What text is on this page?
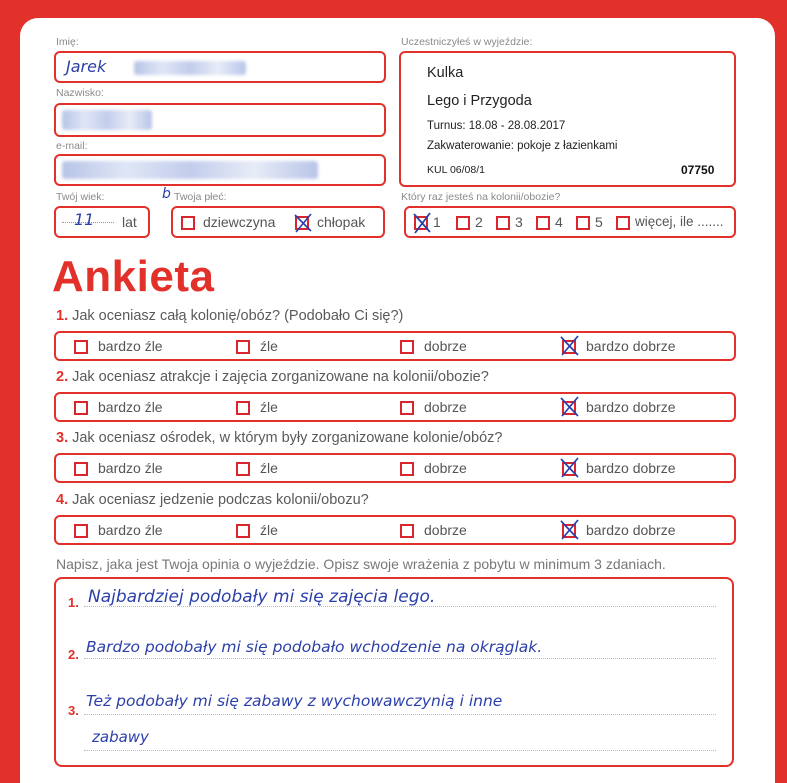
Imię:
Jarek
Nazwisko:
e-mail:
Twój wiek:
11 lat
Twoja płeć:
b
dziewczyna	chłopak
Uczestniczyłeś w wyjeździe:
Kulka
Lego i Przygoda
Turnus: 18.08 - 28.08.2017
Zakwaterowanie: pokoje z łazienkami
KUL 06/08/1	07750
Który raz jesteś na kolonii/obozie?
1 2 3 4 5 więcej, ile .......
Ankieta
1. Jak oceniasz całą kolonię/obóz? (Podobało Ci się?)
bardzo źle	źle	dobrze	bardzo dobrze
2. Jak oceniasz atrakcje i zajęcia zorganizowane na kolonii/obozie?
bardzo źle	źle	dobrze	bardzo dobrze
3. Jak oceniasz ośrodek, w którym były zorganizowane kolonie/obóz?
bardzo źle	źle	dobrze	bardzo dobrze
4. Jak oceniasz jedzenie podczas kolonii/obozu?
bardzo źle	źle	dobrze	bardzo dobrze
Napisz, jaka jest Twoja opinia o wyjeździe. Opisz swoje wrażenia z pobytu w minimum 3 zdaniach.
1. Najbardziej podobały mi się zajęcia lego.
2. Bardzo podobały mi się podobało wchodzenie na okrąglak.
3.
Też podobały mi się zabawy z wychowawczynią i inne
zabawy
